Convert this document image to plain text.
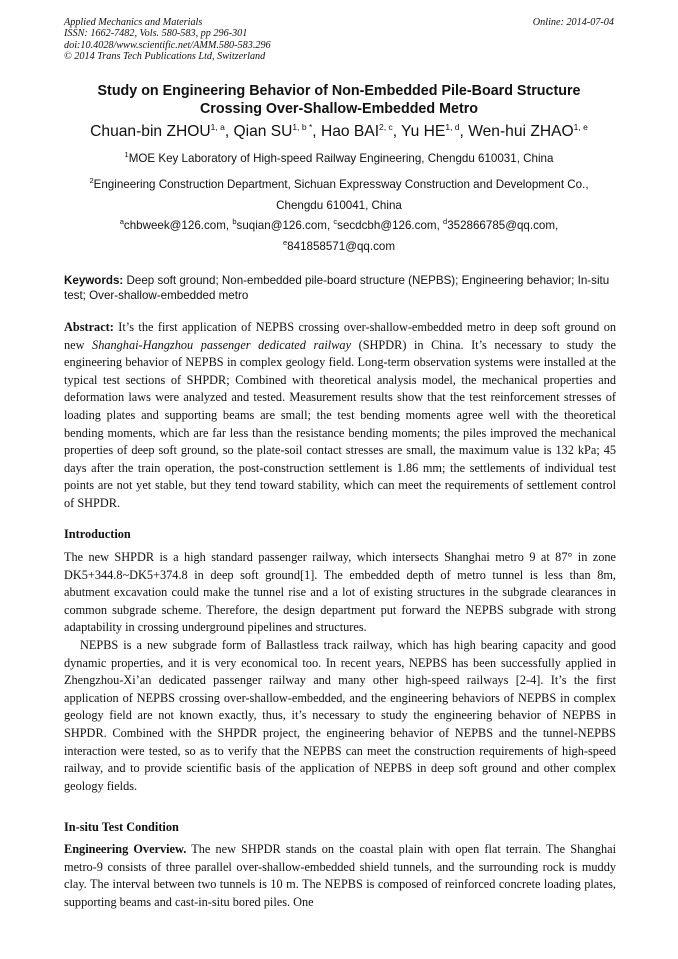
Applied Mechanics and Materials
ISSN: 1662-7482, Vols. 580-583, pp 296-301
doi:10.4028/www.scientific.net/AMM.580-583.296
© 2014 Trans Tech Publications Ltd, Switzerland
Online: 2014-07-04
Study on Engineering Behavior of Non-Embedded Pile-Board Structure
Crossing Over-Shallow-Embedded Metro
Chuan-bin ZHOU$^{1, a}$, Qian $SU^{1, b *}$, Hao BAI$^{2, c}$, Yu HE$^{1, d}$, Wen-hui ZHAO$^{1, e}$
$^1$MOE Key Laboratory of High-speed Railway Engineering, Chengdu 610031, China
$^2$Engineering Construction Department, Sichuan Expressway Construction and Development Co.,
Chengdu 610041, China
$^a$chbweek@126.com, $^b$suqian@126.com, $^c$secdcbh@126.com, $^d$352866785@qq.com,
$^e$841858571@qq.com
Keywords: Deep soft ground; Non-embedded pile-board structure (NEPBS); Engineering behavior; In-situ test; Over-shallow-embedded metro
Abstract: It’s the first application of NEPBS crossing over-shallow-embedded metro in deep soft ground on new Shanghai-Hangzhou passenger dedicated railway (SHPDR) in China. It’s necessary to study the engineering behavior of NEPBS in complex geology field. Long-term observation systems were installed at the typical test sections of SHPDR; Combined with theoretical analysis model, the mechanical properties and deformation laws were analyzed and tested. Measurement results show that the test reinforcement stresses of loading plates and supporting beams are small; the test bending moments agree well with the theoretical bending moments, which are far less than the resistance bending moments; the piles improved the mechanical properties of deep soft ground, so the plate-soil contact stresses are small, the maximum value is 132 kPa; 45 days after the train operation, the post-construction settlement is 1.86 mm; the settlements of individual test points are not yet stable, but they tend toward stability, which can meet the requirements of settlement control of SHPDR.
Introduction

The new SHPDR is a high standard passenger railway, which intersects Shanghai metro 9 at 87° in zone DK5+344.8~DK5+374.8 in deep soft ground[1]. The embedded depth of metro tunnel is less than 8m, abutment excavation could make the tunnel rise and a lot of existing structures in the subgrade clearances in common subgrade scheme. Therefore, the design department put forward the NEPBS subgrade with strong adaptability in crossing underground pipelines and structures.

NEPBS is a new subgrade form of Ballastless track railway, which has high bearing capacity and good dynamic properties, and it is very economical too. In recent years, NEPBS has been successfully applied in Zhengzhou-Xi’an dedicated passenger railway and many other high-speed railways [2-4]. It’s the first application of NEPBS crossing over-shallow-embedded, and the engineering behaviors of NEPBS in complex geology field are not known exactly, thus, it’s necessary to study the engineering behavior of NEPBS in SHPDR. Combined with the SHPDR project, the engineering behavior of NEPBS and the tunnel-NEPBS interaction were tested, so as to verify that the NEPBS can meet the construction requirements of high-speed railway, and to provide scientific basis of the application of NEPBS in deep soft ground and other complex geology fields.

In-situ Test Condition
Engineering Overview. The new SHPDR stands on the coastal plain with open flat terrain. The Shanghai metro-9 consists of three parallel over-shallow-embedded shield tunnels, and the surrounding rock is muddy clay. The interval between two tunnels is 10 m. The NEPBS is composed of reinforced concrete loading plates, supporting beams and cast-in-situ bored piles. One
